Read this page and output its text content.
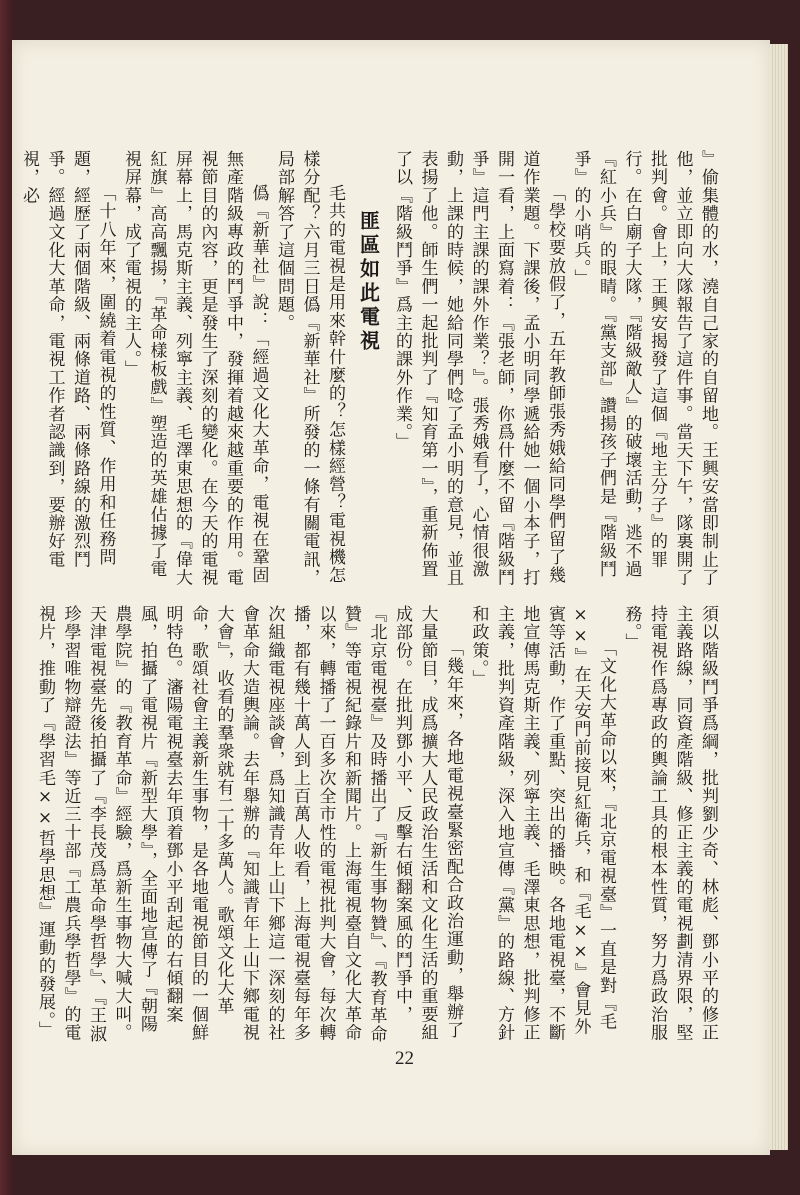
』偷集體的水，澆自己家的自留地。王興安當即制止了他，並立即向大隊報告了這件事。當天下午，隊裏開了批判會。會上，王興安揭發了這個『地主分子』的罪行。在白廟子大隊，『階級敵人』的破壞活動，逃不過『紅小兵』的眼睛。『黨支部』讚揚孩子們是『階級鬥爭』的小哨兵。」
「學校要放假了，五年教師張秀娥給同學們留了幾道作業題。下課後，孟小明同學遞給她一個小本子，打開一看，上面寫着：『張老師，你爲什麼不留『階級鬥爭』這門主課的課外作業？』。張秀娥看了，心情很激動，上課的時候，她給同學們唸了孟小明的意見，並且表揚了他。師生們一起批判了『知育第一』，重新佈置了以『階級鬥爭』爲主的課外作業。」
匪區如此電視
毛共的電視是用來幹什麼的？怎樣經營？電視機怎樣分配？六月三日僞『新華社』所發的一條有關電訊，局部解答了這個問題。
僞『新華社』說：「經過文化大革命，電視在鞏固無產階級專政的鬥爭中，發揮着越來越重要的作用。電視節目的內容，更是發生了深刻的變化。在今天的電視屏幕上，馬克斯主義、列寧主義、毛澤東思想的『偉大紅旗』高高飄揚，『革命樣板戲』塑造的英雄佔據了電視屏幕，成了電視的主人。」
「十八年來，圍繞着電視的性質、作用和任務問題，經歷了兩個階級、兩條道路、兩條路線的激烈鬥爭。經過文化大革命，電視工作者認識到，要辦好電視，必
須以階級鬥爭爲綱，批判劉少奇、林彪、鄧小平的修正主義路線，同資產階級、修正主義的電視劃清界限，堅持電視作爲專政的輿論工具的根本性質，努力爲政治服務。」
「文化大革命以來，『北京電視臺』一直是對『毛××』在天安門前接見紅衛兵，和『毛××』會見外賓等活動，作了重點、突出的播映。各地電視臺，不斷地宣傳馬克斯主義、列寧主義、毛澤東思想，批判修正主義，批判資產階級，深入地宣傳『黨』的路線、方針和政策。」
「幾年來，各地電視臺緊密配合政治運動，舉辦了大量節目，成爲擴大人民政治生活和文化生活的重要組成部份。在批判鄧小平、反擊右傾翻案風的鬥爭中，『北京電視臺』及時播出了『新生事物贊』、『教育革命贊』等電視紀錄片和新聞片。上海電視臺自文化大革命以來，轉播了一百多次全市性的電視批判大會，每次轉播，都有幾十萬人到上百萬人收看，上海電視臺每年多次組織電視座談會，爲知識青年上山下鄉這一深刻的社會革命大造輿論。去年舉辦的『知識青年上山下鄉電視大會』，收看的羣衆就有二十多萬人。歌頌文化大革命，歌頌社會主義新生事物，是各地電視節目的一個鮮明特色。瀋陽電視臺去年頂着鄧小平刮起的右傾翻案風，拍攝了電視片『新型大學』，全面地宣傳了『朝陽農學院』的『教育革命』經驗，爲新生事物大喊大叫。天津電視臺先後拍攝了『李長茂爲革命學哲學』、『王淑珍學習唯物辯證法』等近三十部『工農兵學哲學』的電視片，推動了『學習毛××哲學思想』運動的發展。」
22
